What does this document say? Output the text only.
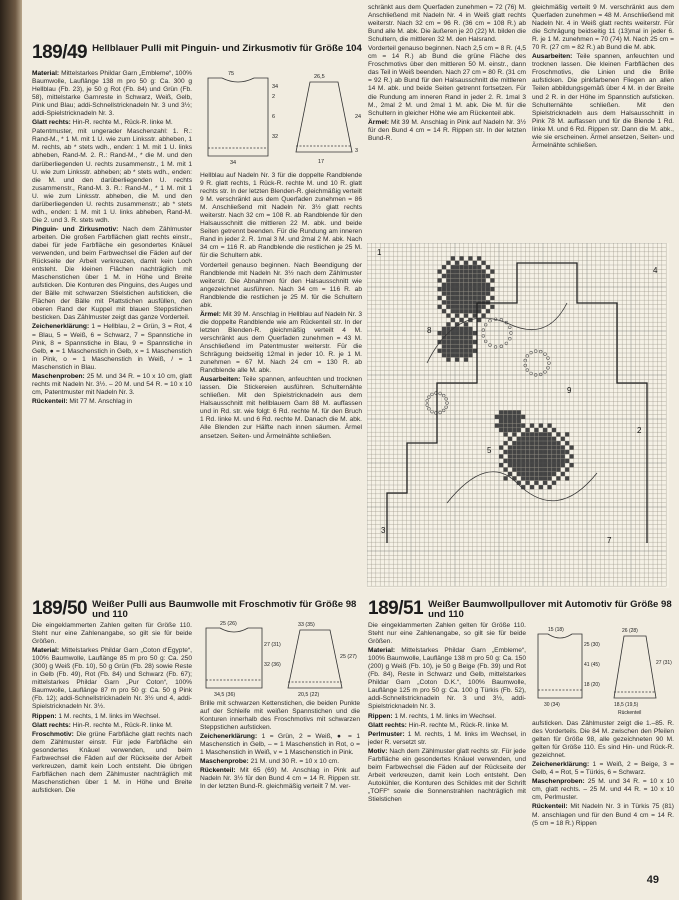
189/49 Hellblauer Pulli mit Pinguin- und Zirkusmotiv für Größe 104

Material: Mittelstarkes Phildar Garn „Embleme“, 100% Baumwolle, Lauflänge 138 m pro 50 g: Ca. 300 g Hellblau (Fb. 23), je 50 g Rot (Fb. 84) und Grün (Fb. 58), mittelstarke Garnreste in Schwarz, Weiß, Gelb, Pink und Blau; addi-Schnellstricknadeln Nr. 3 und 3½; addi-Spielstricknadeln Nr. 3.

Glatt rechts: Hin-R. rechte M., Rück-R. linke M.

Patentmuster, mit ungerader Maschenzahl: 1. R.: Rand-M., * 1 M. mit 1 U. wie zum Linksstr. abheben, 1 M. rechts, ab * stets wdh., enden: 1 M. mit 1 U. links abheben, Rand-M. 2. R.: Rand-M., * die M. und den darüberliegenden U. rechts zusammenstr., 1 M. mit 1 U. wie zum Linksstr. abheben; ab * stets wdh., enden: die M. und den darüberliegenden U. rechts zusammenstr., Rand-M. 3. R.: Rand-M., * 1 M. mit 1 U. wie zum Linksstr. abheben, die M. und den darüberliegenden U. rechts zusammenstr.; ab * stets wdh., enden: 1 M. mit 1 U. links abheben, Rand-M. Die 2. und 3. R. stets wdh.

Pinguin- und Zirkusmotiv: Nach dem Zählmuster arbeiten. Die großen Farbflächen glatt rechts einstr., dabei für jede Farbfläche ein gesondertes Knäuel verwenden, und beim Farbwechsel die Fäden auf der Rückseite der Arbeit verkreuzen, damit kein Loch entsteht. Die kleinen Flächen nachträglich mit Maschenstichen über 1 M. in Höhe und Breite aufsticken. Die Konturen des Pinguins, des Auges und der Bälle mit schwarzen Stielstichen aufsticken, die Flächen der Bälle mit Plattstichen ausfüllen, den oberen Rand der Kuppel mit blauen Steppstichen besticken. Das Zählmuster zeigt das ganze Vorderteil.

Zeichenerklärung: 1 = Hellblau, 2 = Grün, 3 = Rot, 4 = Blau, 5 = Weiß, 6 = Schwarz, 7 = Spannstiche in Pink, 8 = Spannstiche in Blau, 9 = Spannstiche in Gelb, ● = 1 Maschenstich in Gelb, x = 1 Maschenstich in Pink, o = 1 Maschenstich in Weiß, / = 1 Maschenstich in Blau.

Maschenproben: 25 M. und 34 R. = 10 x 10 cm, glatt rechts mit Nadeln Nr. 3½. – 20 M. und 54 R. = 10 x 10 cm, Patentmuster mit Nadeln Nr. 3.

Rückenteil: Mit 77 M. Anschlag in

75
34
2
6
32
34
26,5
24
17
3

Hellblau auf Nadeln Nr. 3 für die doppelte Randblende 9 R. glatt rechts, 1 Rück-R. rechte M. und 10 R. glatt rechts str. In der letzten Blenden-R. gleichmäßig verteilt 9 M. verschränkt aus dem Querfaden zunehmen = 86 M. Anschließend mit Nadeln Nr. 3½ glatt rechts weiterstr. Nach 32 cm = 108 R. ab Randblende für den Halsausschnitt die mittleren 22 M. abk. und beide Seiten getrennt beenden. Für die Rundung am inneren Rand in jeder 2. R. 1mal 3 M. und 2mal 2 M. abk. Nach 34 cm = 116 R. ab Randblende die restlichen je 25 M. für die Schultern abk.

Vorderteil genauso beginnen. Nach Beendigung der Randblende mit Nadeln Nr. 3½ nach dem Zählmuster weiterstr. Die Abnahmen für den Halsausschnitt wie angezeichnet ausführen. Nach 34 cm = 116 R. ab Randblende die restlichen je 25 M. für die Schultern abk.

Ärmel: Mit 39 M. Anschlag in Hellblau auf Nadeln Nr. 3 die doppelte Randblende wie am Rückenteil str. In der letzten Blenden-R. gleichmäßig verteilt 4 M. verschränkt aus dem Querfaden zunehmen = 43 M. Anschließend im Patentmuster weiterstr. Für die Schrägung beidseitig 12mal in jeder 10. R. je 1 M. zunehmen = 67 M. Nach 24 cm = 130 R. ab Randblende alle M. abk.

Ausarbeiten: Teile spannen, anfeuchten und trocknen lassen. Die Stickereien ausführen. Schulternähte schließen. Mit den Spielstricknadeln aus dem Halsausschnitt mit hellblauem Garn 88 M. auffassen und in Rd. str. wie folgt: 6 Rd. rechte M. für den Bruch 1 Rd. linke M. und 6 Rd. rechte M. Danach die M. abk. Alle Blenden zur Hälfte nach innen säumen. Ärmel ansetzen. Seiten- und Ärmelnähte schließen.

schränkt aus dem Querfaden zunehmen = 72 (76) M. Anschließend mit Nadeln Nr. 4 in Weiß glatt rechts weiterstr. Nach 32 cm = 96 R. (36 cm = 108 R.) ab Bund alle M. abk. Die äußeren je 20 (22) M. bilden die Schultern, die mittleren 32 M. den Halsrand.

Vorderteil genauso beginnen. Nach 2,5 cm = 8 R. (4,5 cm = 14 R.) ab Bund die grüne Fläche des Froschmotivs über den mittleren 50 M. einstr., dann das Teil in Weiß beenden. Nach 27 cm = 80 R. (31 cm = 92 R.) ab Bund für den Halsausschnitt die mittleren 14 M. abk. und beide Seiten getrennt fortsetzen. Für die Rundung am inneren Rand in jeder 2. R. 1mal 3 M., 2mal 2 M. und 2mal 1 M. abk. Die M. für die Schultern in gleicher Höhe wie am Rückenteil abk.

Ärmel: Mit 39 M. Anschlag in Pink auf Nadeln Nr. 3½ für den Bund 4 cm = 14 R. Rippen str. In der letzten Bund-R.

gleichmäßig verteilt 9 M. verschränkt aus dem Querfaden zunehmen = 48 M. Anschließend mit Nadeln Nr. 4 in Weiß glatt rechts weiterstr. Für die Schrägung beidseitig 11 (13)mal in jeder 6. R. je 1 M. zunehmen = 70 (74) M. Nach 25 cm = 70 R. (27 cm = 82 R.) ab Bund die M. abk.

Ausarbeiten: Teile spannen, anfeuchten und trocknen lassen. Die kleinen Farbflächen des Froschmotivs, die Linien und die Brille aufsticken. Die pinkfarbenen Fliegen an allen Teilen abbildungsgemäß über 4 M. in der Breite und 2 R. in der Höhe im Spannstich aufsticken. Schulternähte schließen. Mit den Spielstricknadeln aus dem Halsausschnitt in Pink 78 M. auffassen und für die Blende 1 Rd. linke M. und 6 Rd. Rippen str. Dann die M. abk., wie sie erscheinen. Ärmel ansetzen, Seiten- und Ärmelnähte schließen.

1
2
3
4
5
7
8
9
189/50 Weißer Pulli aus Baumwolle mit Froschmotiv für Größe 98 und 110
25 (26)
27 (31)
32 (36)
34,5 (36)
33 (35)
25 (27)
20,5 (22)

Die eingeklammerten Zahlen gelten für Größe 110. Steht nur eine Zahlenangabe, so gilt sie für beide Größen.

Material: Mittelstarkes Phildar Garn „Coton d'Egypte“, 100% Baumwolle, Lauflänge 85 m pro 50 g: Ca. 250 (300) g Weiß (Fb. 10), 50 g Grün (Fb. 28) sowie Reste in Gelb (Fb. 49), Rot (Fb. 84) und Schwarz (Fb. 67); mittelstarkes Phildar Garn „Pur Coton“, 100% Baumwolle, Lauflänge 87 m pro 50 g: Ca. 50 g Pink (Fb. 12); addi-Schnellstricknadeln Nr. 3½ und 4, addi-Spielstricknadeln Nr. 3½.

Rippen: 1 M. rechts, 1 M. links im Wechsel.

Glatt rechts: Hin-R. rechte M., Rück-R. linke M.

Froschmotiv: Die grüne Farbfläche glatt rechts nach dem Zählmuster einstr. Für jede Farbfläche ein gesondertes Knäuel verwenden, und beim Farbwechsel die Fäden auf der Rückseite der Arbeit verkreuzen, damit kein Loch entsteht. Die übrigen Farbflächen nach dem Zählmuster nachträglich mit Maschenstichen über 1 M. in Höhe und Breite aufsticken. Die

Brille mit schwarzen Kettenstichen, die beiden Punkte auf der Schleife mit weißen Spannstichen und die Konturen innerhalb des Froschmotivs mit schwarzen Steppstichen aufsticken.

Zeichenerklärung: 1 = Grün, 2 = Weiß, ● = 1 Maschenstich in Gelb, – = 1 Maschenstich in Rot, o = 1 Maschenstich in Weiß, v = 1 Maschenstich in Pink.

Maschenprobe: 21 M. und 30 R. = 10 x 10 cm.

Rückenteil: Mit 65 (69) M. Anschlag in Pink auf Nadeln Nr. 3½ für den Bund 4 cm = 14 R. Rippen str. In der letzten Bund-R. gleichmäßig verteilt 7 M. ver-

189/51 Weißer Baumwollpullover mit Automotiv für Größe 98 und 110

Die eingeklammerten Zahlen gelten für Größe 110. Steht nur eine Zahlenangabe, so gilt sie für beide Größen.

Material: Mittelstarkes Phildar Garn „Embleme“, 100% Baumwolle, Lauflänge 138 m pro 50 g: Ca. 150 (200) g Weiß (Fb. 10), je 50 g Beige (Fb. 39) und Rot (Fb. 84), Reste in Schwarz und Gelb, mittelstarkes Phildar Garn „Coton D.K.“, 100% Baumwolle, Lauflänge 125 m pro 50 g: Ca. 100 g Türkis (Fb. 52), addi-Schnellstricknadeln Nr. 3 und 3½, addi-Spielstricknadeln Nr. 3.

Rippen: 1 M. rechts, 1 M. links im Wechsel.

Glatt rechts: Hin-R. rechte M., Rück-R. linke M.

Perlmuster: 1 M. rechts, 1 M. links im Wechsel, in jeder R. versetzt str.

Motiv: Nach dem Zählmuster glatt rechts str. Für jede Farbfläche ein gesondertes Knäuel verwenden, und beim Farbwechsel die Fäden auf der Rückseite der Arbeit verkreuzen, damit kein Loch entsteht. Den Autokühler, die Konturen des Schildes mit der Schrift „TOFF“ sowie die Sonnenstrahlen nachträglich mit Stielstichen

15 (18)
25 (30)
41 (45)
18 (20)
30 (34)
26 (28)
27 (31)
18,5 (19,5)
Rückenteil

aufsticken. Das Zählmuster zeigt die 1.–85. R. des Vorderteils. Die 84 M. zwischen den Pfeilen gelten für Größe 98, alle gezeichneten 90 M. gelten für Größe 110. Es sind Hin- und Rück-R. gezeichnet.

Zeichenerklärung: 1 = Weiß, 2 = Beige, 3 = Gelb, 4 = Rot, 5 = Türkis, 6 = Schwarz.

Maschenproben: 25 M. und 34 R. = 10 x 10 cm, glatt rechts. – 25 M. und 44 R. = 10 x 10 cm, Perlmuster.

Rückenteil: Mit Nadeln Nr. 3 in Türkis 75 (81) M. anschlagen und für den Bund 4 cm = 14 R. (5 cm = 18 R.) Rippen

49
